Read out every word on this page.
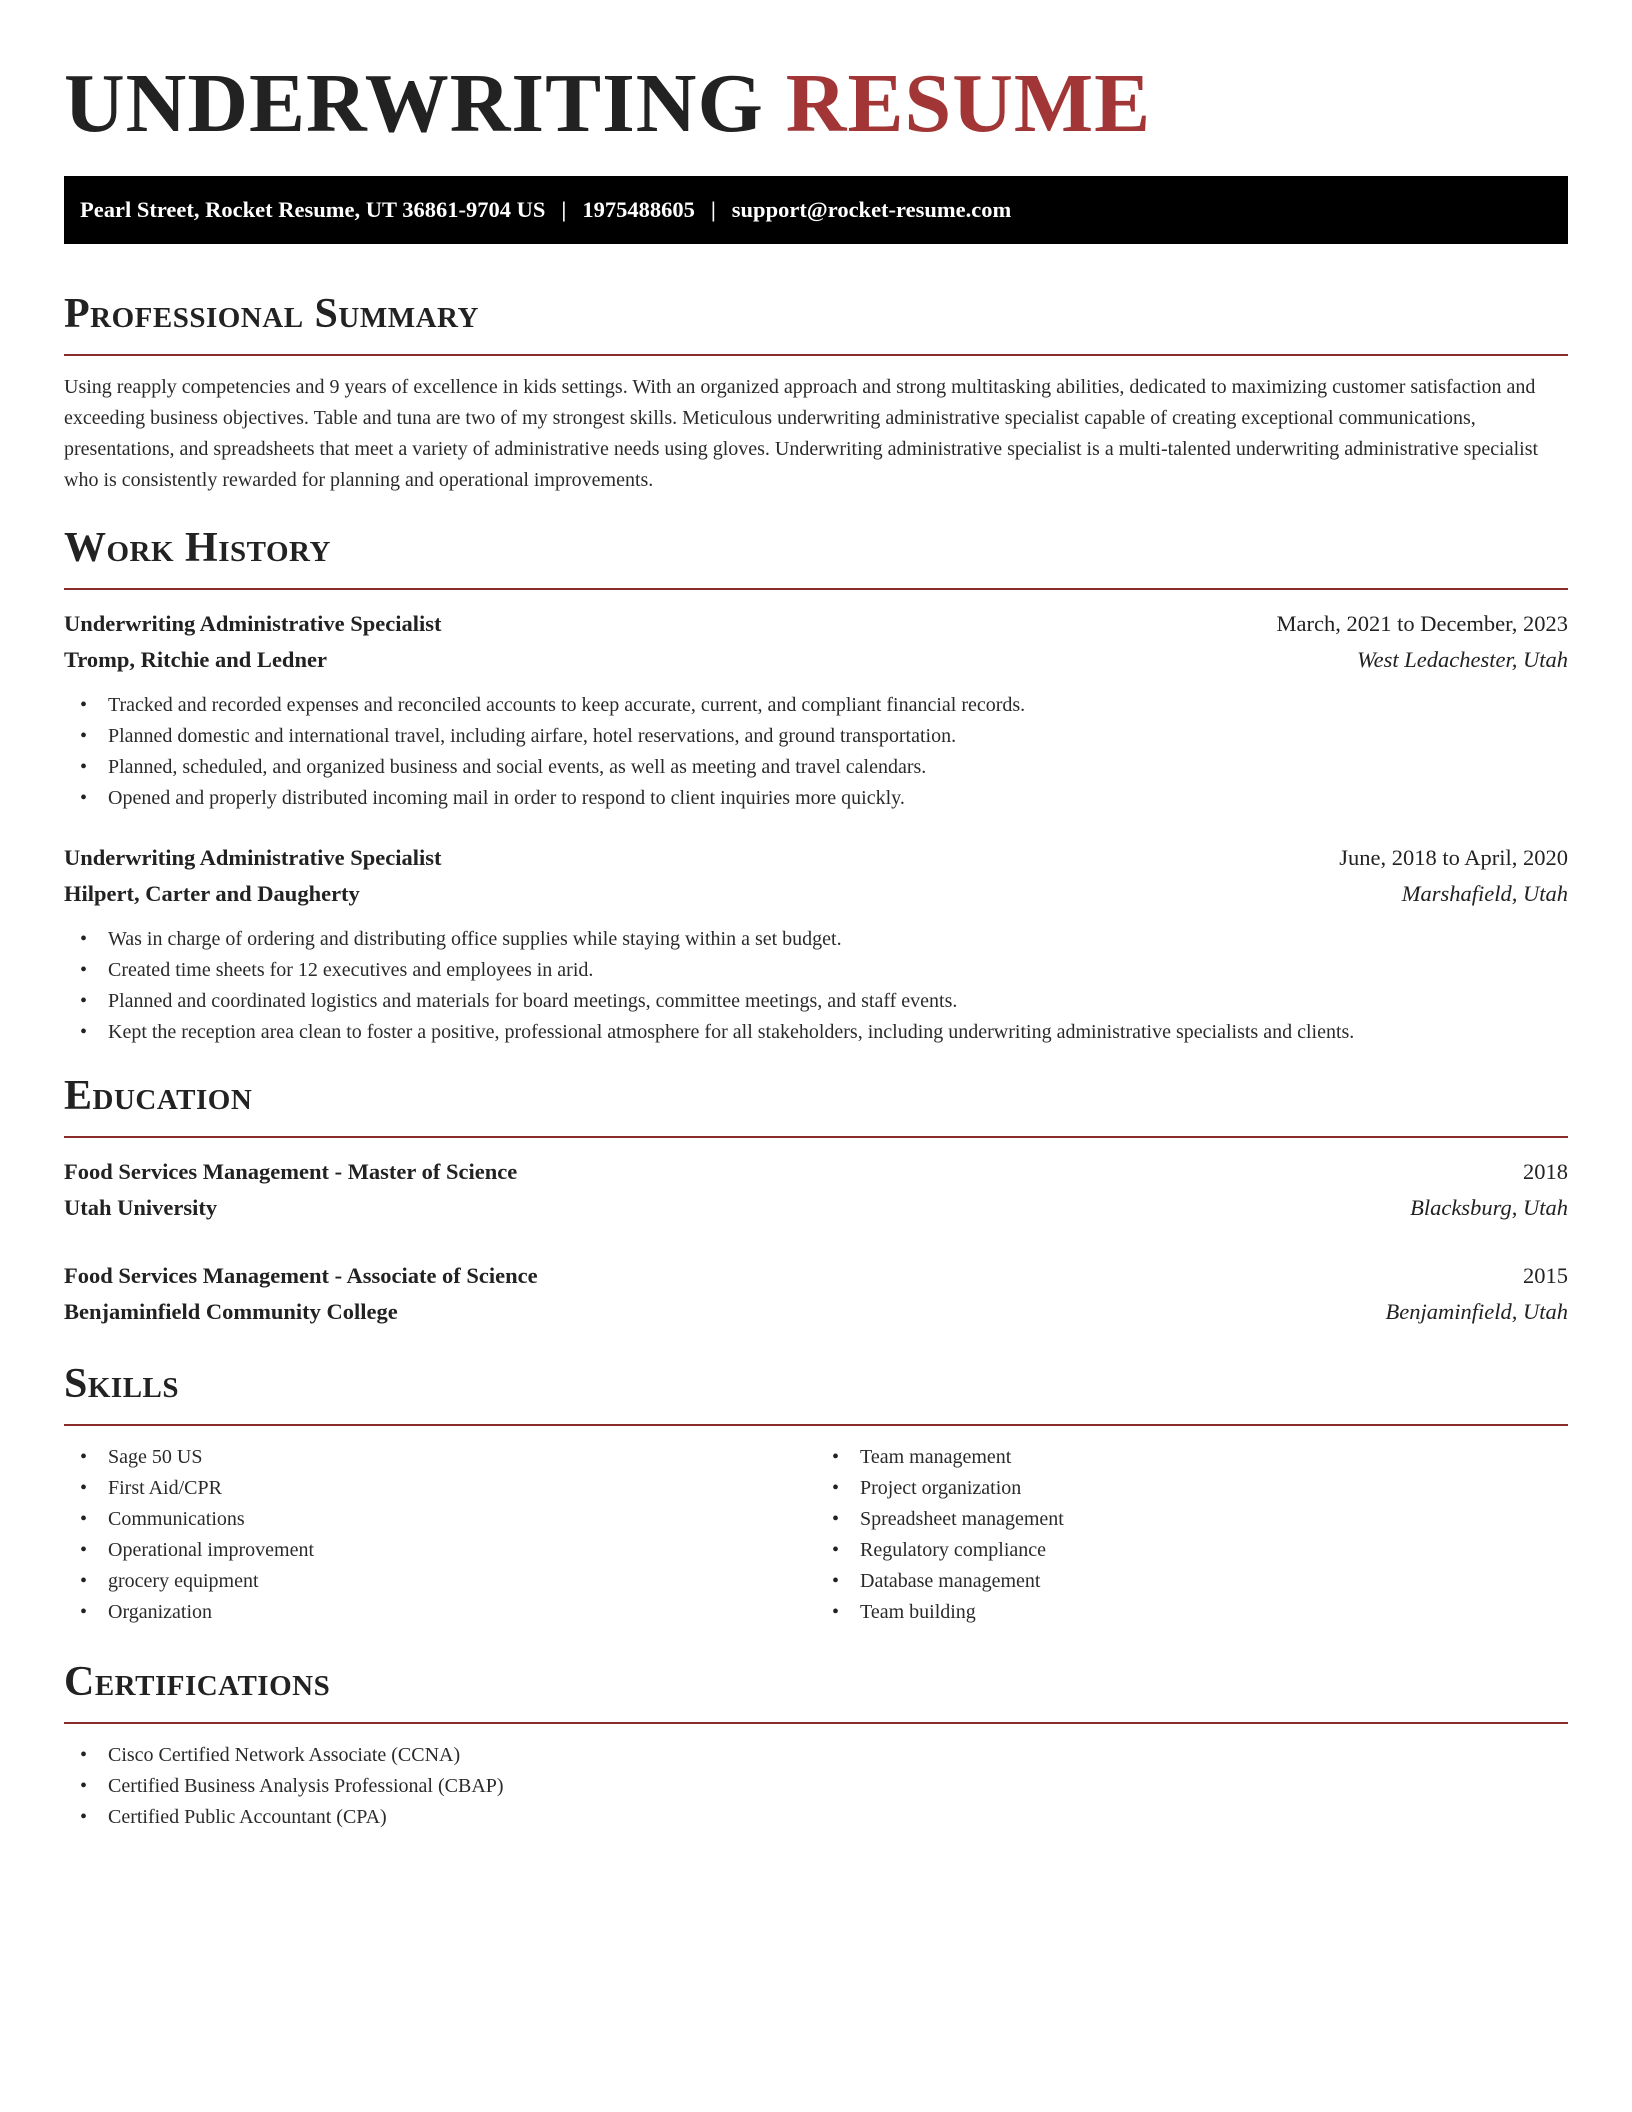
UNDERWRITING RESUME
Pearl Street, Rocket Resume, UT 36861-9704 US | 1975488605 | support@rocket-resume.com
Professional Summary

Using reapply competencies and 9 years of excellence in kids settings. With an organized approach and strong multitasking abilities, dedicated to maximizing customer satisfaction and exceeding business objectives. Table and tuna are two of my strongest skills. Meticulous underwriting administrative specialist capable of creating exceptional communications, presentations, and spreadsheets that meet a variety of administrative needs using gloves. Underwriting administrative specialist is a multi-talented underwriting administrative specialist who is consistently rewarded for planning and operational improvements.

Work History
Underwriting Administrative Specialist	March, 2021 to December, 2023
Tromp, Ritchie and Ledner	West Ledachester, Utah
• Tracked and recorded expenses and reconciled accounts to keep accurate, current, and compliant financial records.
• Planned domestic and international travel, including airfare, hotel reservations, and ground transportation.
• Planned, scheduled, and organized business and social events, as well as meeting and travel calendars.
• Opened and properly distributed incoming mail in order to respond to client inquiries more quickly.
Underwriting Administrative Specialist	June, 2018 to April, 2020
Hilpert, Carter and Daugherty	Marshafield, Utah
• Was in charge of ordering and distributing office supplies while staying within a set budget.
• Created time sheets for 12 executives and employees in arid.
• Planned and coordinated logistics and materials for board meetings, committee meetings, and staff events.
• Kept the reception area clean to foster a positive, professional atmosphere for all stakeholders, including underwriting administrative specialists and clients.
Education
Food Services Management - Master of Science	2018
Utah University	Blacksburg, Utah
Food Services Management - Associate of Science	2015
Benjaminfield Community College	Benjaminfield, Utah
Skills
• Sage 50 US
• First Aid/CPR
• Communications
• Operational improvement
• grocery equipment
• Organization
• Team management
• Project organization
• Spreadsheet management
• Regulatory compliance
• Database management
• Team building
Certifications
• Cisco Certified Network Associate (CCNA)
• Certified Business Analysis Professional (CBAP)
• Certified Public Accountant (CPA)
